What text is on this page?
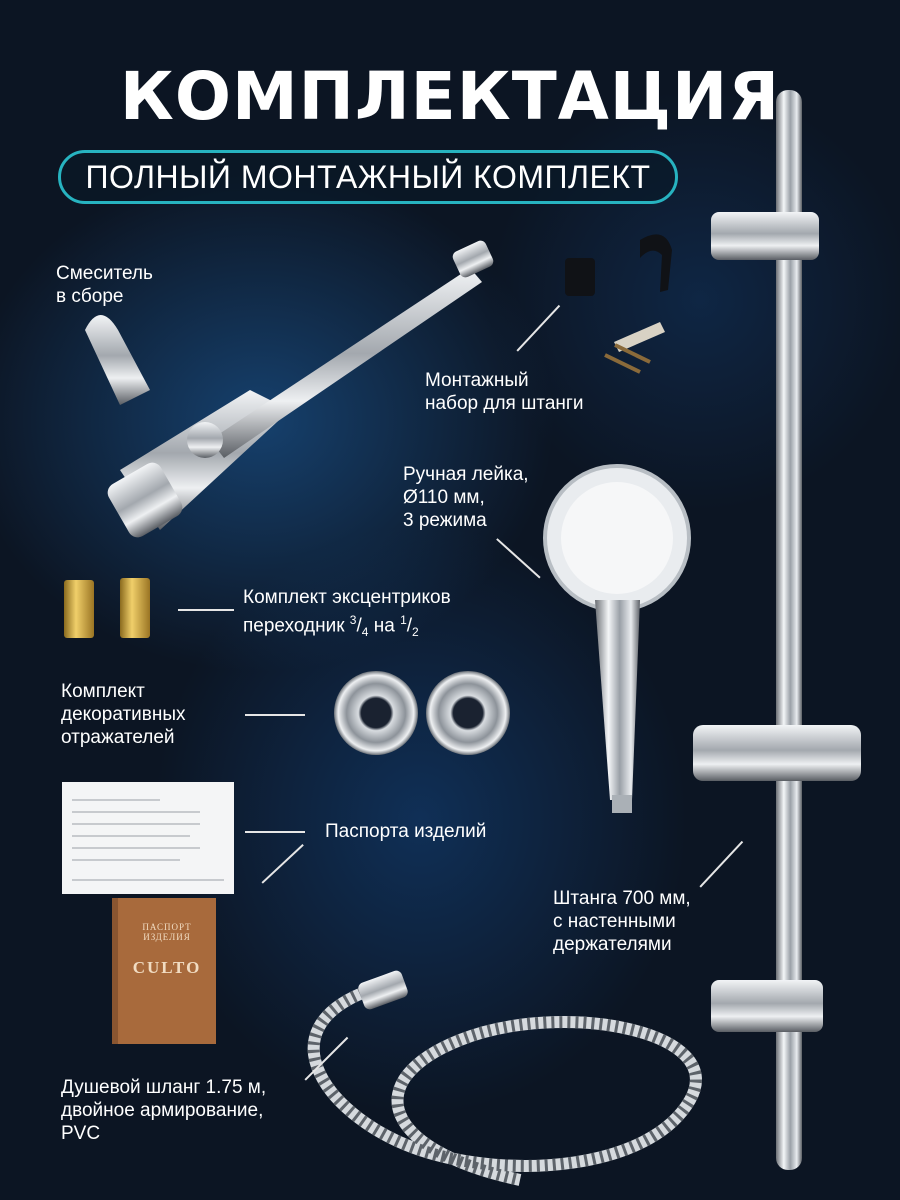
ПАСПОРТ
ИЗДЕЛИЯ
CULTO
КОМПЛЕКТАЦИЯ
ПОЛНЫЙ МОНТАЖНЫЙ КОМПЛЕКТ
Смеситель
в сборе
Монтажный
набор для штанги
Ручная лейка,
Ø110 мм,
3 режима
Комплект эксцентриков
переходник $^3/_4$ на $^1/_2$
Комплект
декоративных
отражателей
Паспорта изделий
Штанга 700 мм,
с настенными
держателями
Душевой шланг 1.75 м,
двойное армирование,
PVC
